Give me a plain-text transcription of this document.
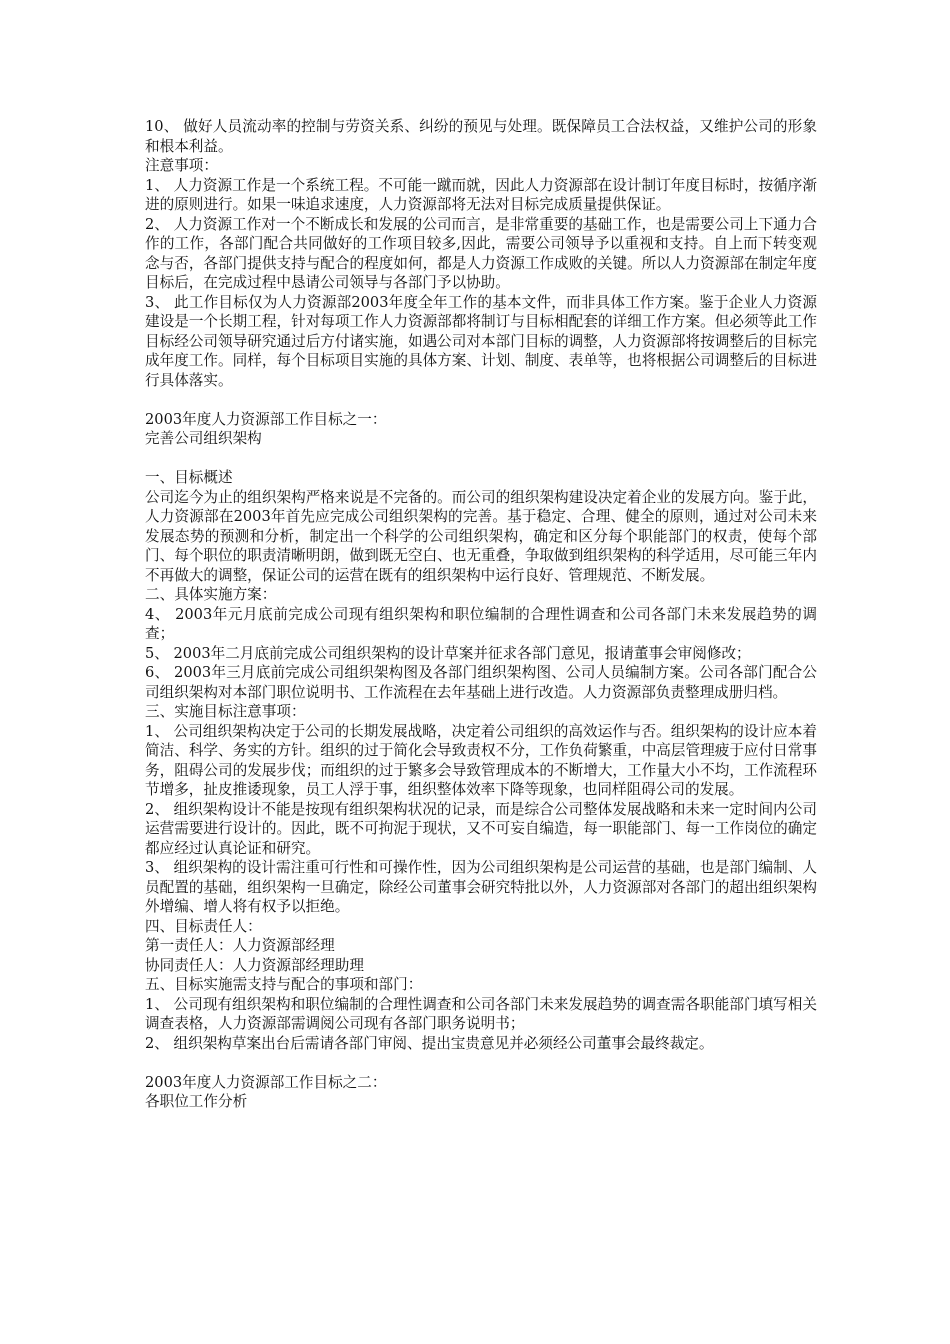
10、 做好人员流动率的控制与劳资关系、纠纷的预见与处理。既保障员工合法权益，又维护公司的形象和根本利益。

注意事项：

1、 人力资源工作是一个系统工程。不可能一蹴而就，因此人力资源部在设计制订年度目标时，按循序渐进的原则进行。如果一味追求速度，人力资源部将无法对目标完成质量提供保证。

2、 人力资源工作对一个不断成长和发展的公司而言，是非常重要的基础工作，也是需要公司上下通力合作的工作，各部门配合共同做好的工作项目较多,因此，需要公司领导予以重视和支持。自上而下转变观念与否，各部门提供支持与配合的程度如何，都是人力资源工作成败的关键。所以人力资源部在制定年度目标后，在完成过程中恳请公司领导与各部门予以协助。

3、 此工作目标仅为人力资源部2003年度全年工作的基本文件，而非具体工作方案。鉴于企业人力资源建设是一个长期工程，针对每项工作人力资源部都将制订与目标相配套的详细工作方案。但必须等此工作目标经公司领导研究通过后方付诸实施，如遇公司对本部门目标的调整，人力资源部将按调整后的目标完成年度工作。同样，每个目标项目实施的具体方案、计划、制度、表单等，也将根据公司调整后的目标进行具体落实。

2003年度人力资源部工作目标之一：

完善公司组织架构

一、目标概述

公司迄今为止的组织架构严格来说是不完备的。而公司的组织架构建设决定着企业的发展方向。鉴于此，人力资源部在2003年首先应完成公司组织架构的完善。基于稳定、合理、健全的原则，通过对公司未来发展态势的预测和分析，制定出一个科学的公司组织架构，确定和区分每个职能部门的权责，使每个部门、每个职位的职责清晰明朗，做到既无空白、也无重叠，争取做到组织架构的科学适用，尽可能三年内不再做大的调整，保证公司的运营在既有的组织架构中运行良好、管理规范、不断发展。

二、具体实施方案：

4、 2003年元月底前完成公司现有组织架构和职位编制的合理性调查和公司各部门未来发展趋势的调查；

5、 2003年二月底前完成公司组织架构的设计草案并征求各部门意见，报请董事会审阅修改；

6、 2003年三月底前完成公司组织架构图及各部门组织架构图、公司人员编制方案。公司各部门配合公司组织架构对本部门职位说明书、工作流程在去年基础上进行改造。人力资源部负责整理成册归档。

三、实施目标注意事项：

1、 公司组织架构决定于公司的长期发展战略，决定着公司组织的高效运作与否。组织架构的设计应本着简洁、科学、务实的方针。组织的过于简化会导致责权不分，工作负荷繁重，中高层管理疲于应付日常事务，阻碍公司的发展步伐；而组织的过于繁多会导致管理成本的不断增大，工作量大小不均，工作流程环节增多，扯皮推诿现象，员工人浮于事，组织整体效率下降等现象，也同样阻碍公司的发展。

2、 组织架构设计不能是按现有组织架构状况的记录，而是综合公司整体发展战略和未来一定时间内公司运营需要进行设计的。因此，既不可拘泥于现状，又不可妄自编造，每一职能部门、每一工作岗位的确定都应经过认真论证和研究。

3、 组织架构的设计需注重可行性和可操作性，因为公司组织架构是公司运营的基础，也是部门编制、人员配置的基础，组织架构一旦确定，除经公司董事会研究特批以外，人力资源部对各部门的超出组织架构外增编、增人将有权予以拒绝。

四、目标责任人：

第一责任人：人力资源部经理

协同责任人：人力资源部经理助理

五、目标实施需支持与配合的事项和部门：

1、 公司现有组织架构和职位编制的合理性调查和公司各部门未来发展趋势的调查需各职能部门填写相关调查表格，人力资源部需调阅公司现有各部门职务说明书；

2、 组织架构草案出台后需请各部门审阅、提出宝贵意见并必须经公司董事会最终裁定。

2003年度人力资源部工作目标之二：

各职位工作分析
